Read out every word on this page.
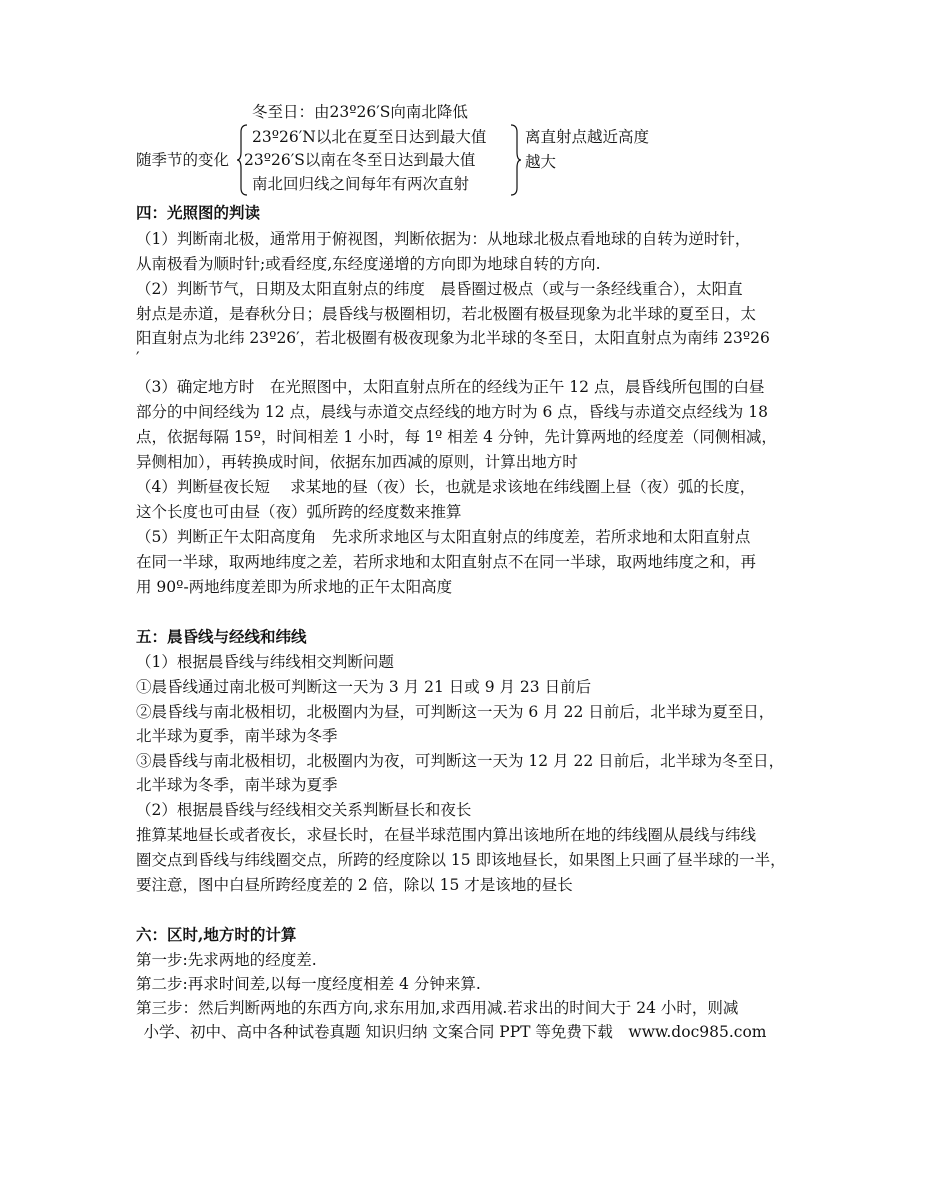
冬至日：由23º26′S向南北降低
随季节的变化
23º26′N以北在夏至日达到最大值
23º26′S以南在冬至日达到最大值
南北回归线之间每年有两次直射
离直射点越近高度
越大
四：光照图的判读
（1）判断南北极，通常用于俯视图，判断依据为：从地球北极点看地球的自转为逆时针，
从南极看为顺时针;或看经度,东经度递增的方向即为地球自转的方向.
（2）判断节气，日期及太阳直射点的纬度　晨昏圈过极点（或与一条经线重合），太阳直
射点是赤道，是春秋分日；晨昏线与极圈相切，若北极圈有极昼现象为北半球的夏至日，太
阳直射点为北纬 23º26′，若北极圈有极夜现象为北半球的冬至日，太阳直射点为南纬 23º26
′
（3）确定地方时　在光照图中，太阳直射点所在的经线为正午 12 点，晨昏线所包围的白昼
部分的中间经线为 12 点，晨线与赤道交点经线的地方时为 6 点，昏线与赤道交点经线为 18
点，依据每隔 15º，时间相差 1 小时，每 1º 相差 4 分钟，先计算两地的经度差（同侧相减，
异侧相加），再转换成时间，依据东加西减的原则，计算出地方时
（4）判断昼夜长短　 求某地的昼（夜）长，也就是求该地在纬线圈上昼（夜）弧的长度，
这个长度也可由昼（夜）弧所跨的经度数来推算
（5）判断正午太阳高度角　先求所求地区与太阳直射点的纬度差，若所求地和太阳直射点
在同一半球，取两地纬度之差，若所求地和太阳直射点不在同一半球，取两地纬度之和，再
用 90º-两地纬度差即为所求地的正午太阳高度
五：晨昏线与经线和纬线
（1）根据晨昏线与纬线相交判断问题
①晨昏线通过南北极可判断这一天为 3 月 21 日或 9 月 23 日前后
②晨昏线与南北极相切，北极圈内为昼，可判断这一天为 6 月 22 日前后，北半球为夏至日，
北半球为夏季，南半球为冬季
③晨昏线与南北极相切，北极圈内为夜，可判断这一天为 12 月 22 日前后，北半球为冬至日，
北半球为冬季，南半球为夏季
（2）根据晨昏线与经线相交关系判断昼长和夜长
推算某地昼长或者夜长，求昼长时，在昼半球范围内算出该地所在地的纬线圈从晨线与纬线
圈交点到昏线与纬线圈交点，所跨的经度除以 15 即该地昼长，如果图上只画了昼半球的一半，
要注意，图中白昼所跨经度差的 2 倍，除以 15 才是该地的昼长
六：区时,地方时的计算
第一步:先求两地的经度差.
第二步:再求时间差,以每一度经度相差 4 分钟来算.
第三步：然后判断两地的东西方向,求东用加,求西用减.若求出的时间大于 24 小时，则减
小学、初中、高中各种试卷真题 知识归纳 文案合同 PPT 等免费下载　www.doc985.com
